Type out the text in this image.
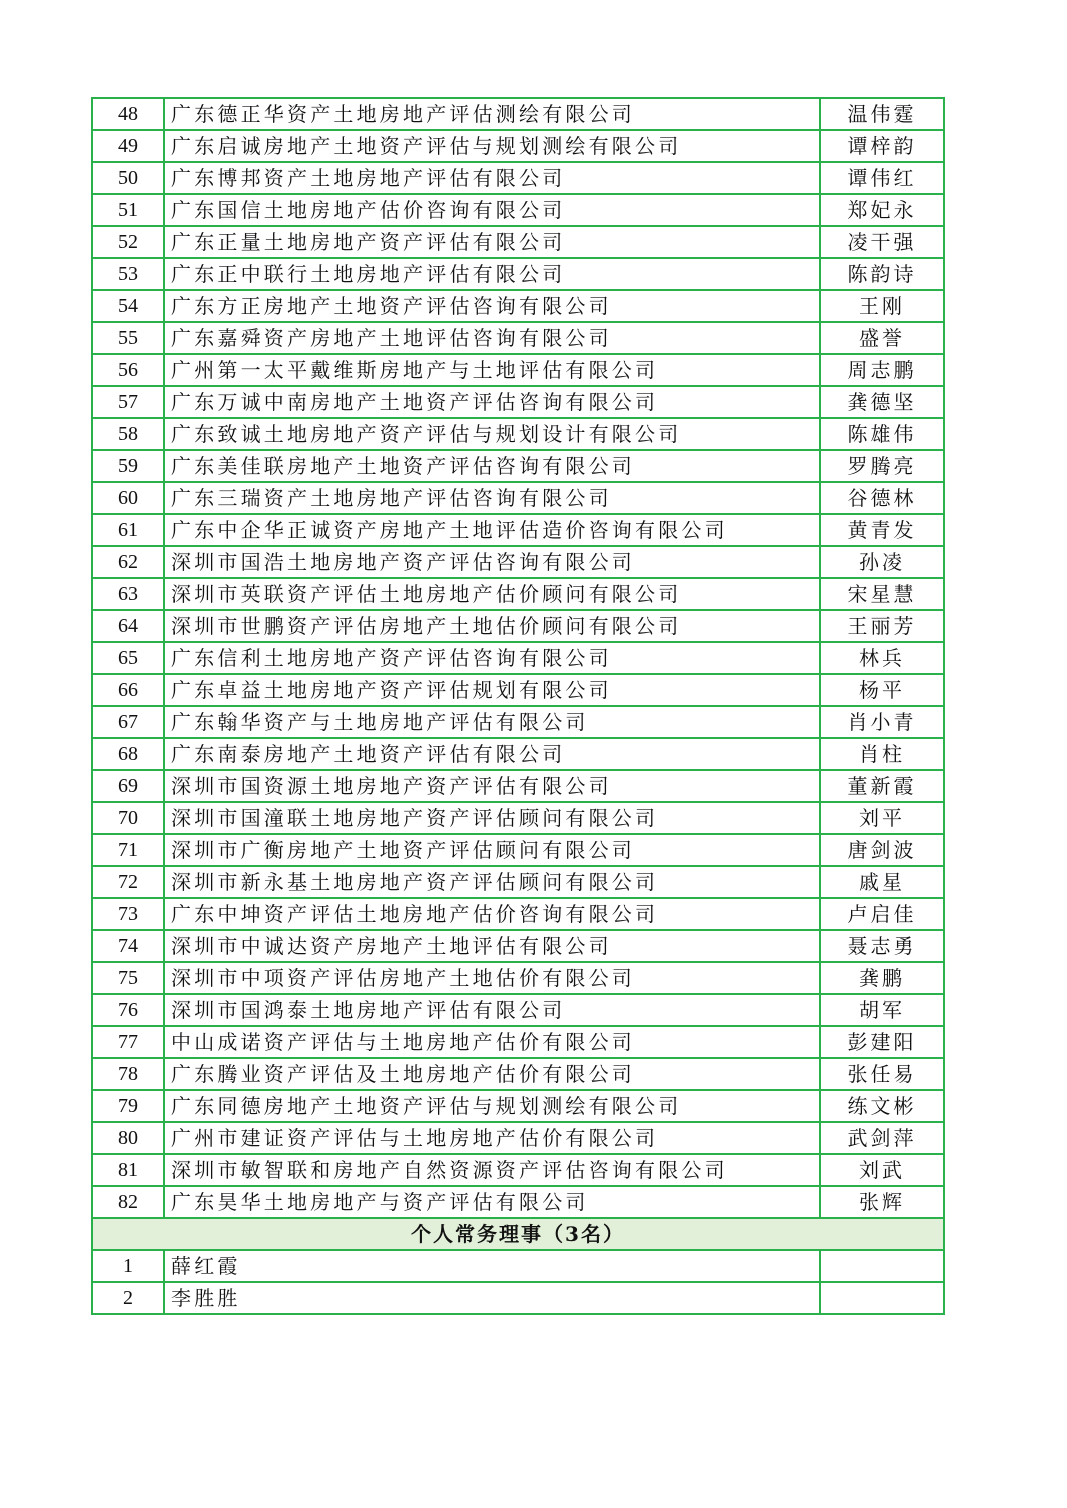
48	广东德正华资产土地房地产评估测绘有限公司	温伟霆
49	广东启诚房地产土地资产评估与规划测绘有限公司	谭梓韵
50	广东博邦资产土地房地产评估有限公司	谭伟红
51	广东国信土地房地产估价咨询有限公司	郑妃永
52	广东正量土地房地产资产评估有限公司	凌干强
53	广东正中联行土地房地产评估有限公司	陈韵诗
54	广东方正房地产土地资产评估咨询有限公司	王刚
55	广东嘉舜资产房地产土地评估咨询有限公司	盛誉
56	广州第一太平戴维斯房地产与土地评估有限公司	周志鹏
57	广东万诚中南房地产土地资产评估咨询有限公司	龚德坚
58	广东致诚土地房地产资产评估与规划设计有限公司	陈雄伟
59	广东美佳联房地产土地资产评估咨询有限公司	罗腾亮
60	广东三瑞资产土地房地产评估咨询有限公司	谷德林
61	广东中企华正诚资产房地产土地评估造价咨询有限公司	黄青发
62	深圳市国浩土地房地产资产评估咨询有限公司	孙凌
63	深圳市英联资产评估土地房地产估价顾问有限公司	宋星慧
64	深圳市世鹏资产评估房地产土地估价顾问有限公司	王丽芳
65	广东信利土地房地产资产评估咨询有限公司	林兵
66	广东卓益土地房地产资产评估规划有限公司	杨平
67	广东翰华资产与土地房地产评估有限公司	肖小青
68	广东南泰房地产土地资产评估有限公司	肖柱
69	深圳市国资源土地房地产资产评估有限公司	董新霞
70	深圳市国潼联土地房地产资产评估顾问有限公司	刘平
71	深圳市广衡房地产土地资产评估顾问有限公司	唐剑波
72	深圳市新永基土地房地产资产评估顾问有限公司	戚星
73	广东中坤资产评估土地房地产估价咨询有限公司	卢启佳
74	深圳市中诚达资产房地产土地评估有限公司	聂志勇
75	深圳市中项资产评估房地产土地估价有限公司	龚鹏
76	深圳市国鸿泰土地房地产评估有限公司	胡军
77	中山成诺资产评估与土地房地产估价有限公司	彭建阳
78	广东腾业资产评估及土地房地产估价有限公司	张任易
79	广东同德房地产土地资产评估与规划测绘有限公司	练文彬
80	广州市建证资产评估与土地房地产估价有限公司	武剑萍
81	深圳市敏智联和房地产自然资源资产评估咨询有限公司	刘武
82	广东昊华土地房地产与资产评估有限公司	张辉
个人常务理事（3名）		
1	薛红霞	
2	李胜胜	
